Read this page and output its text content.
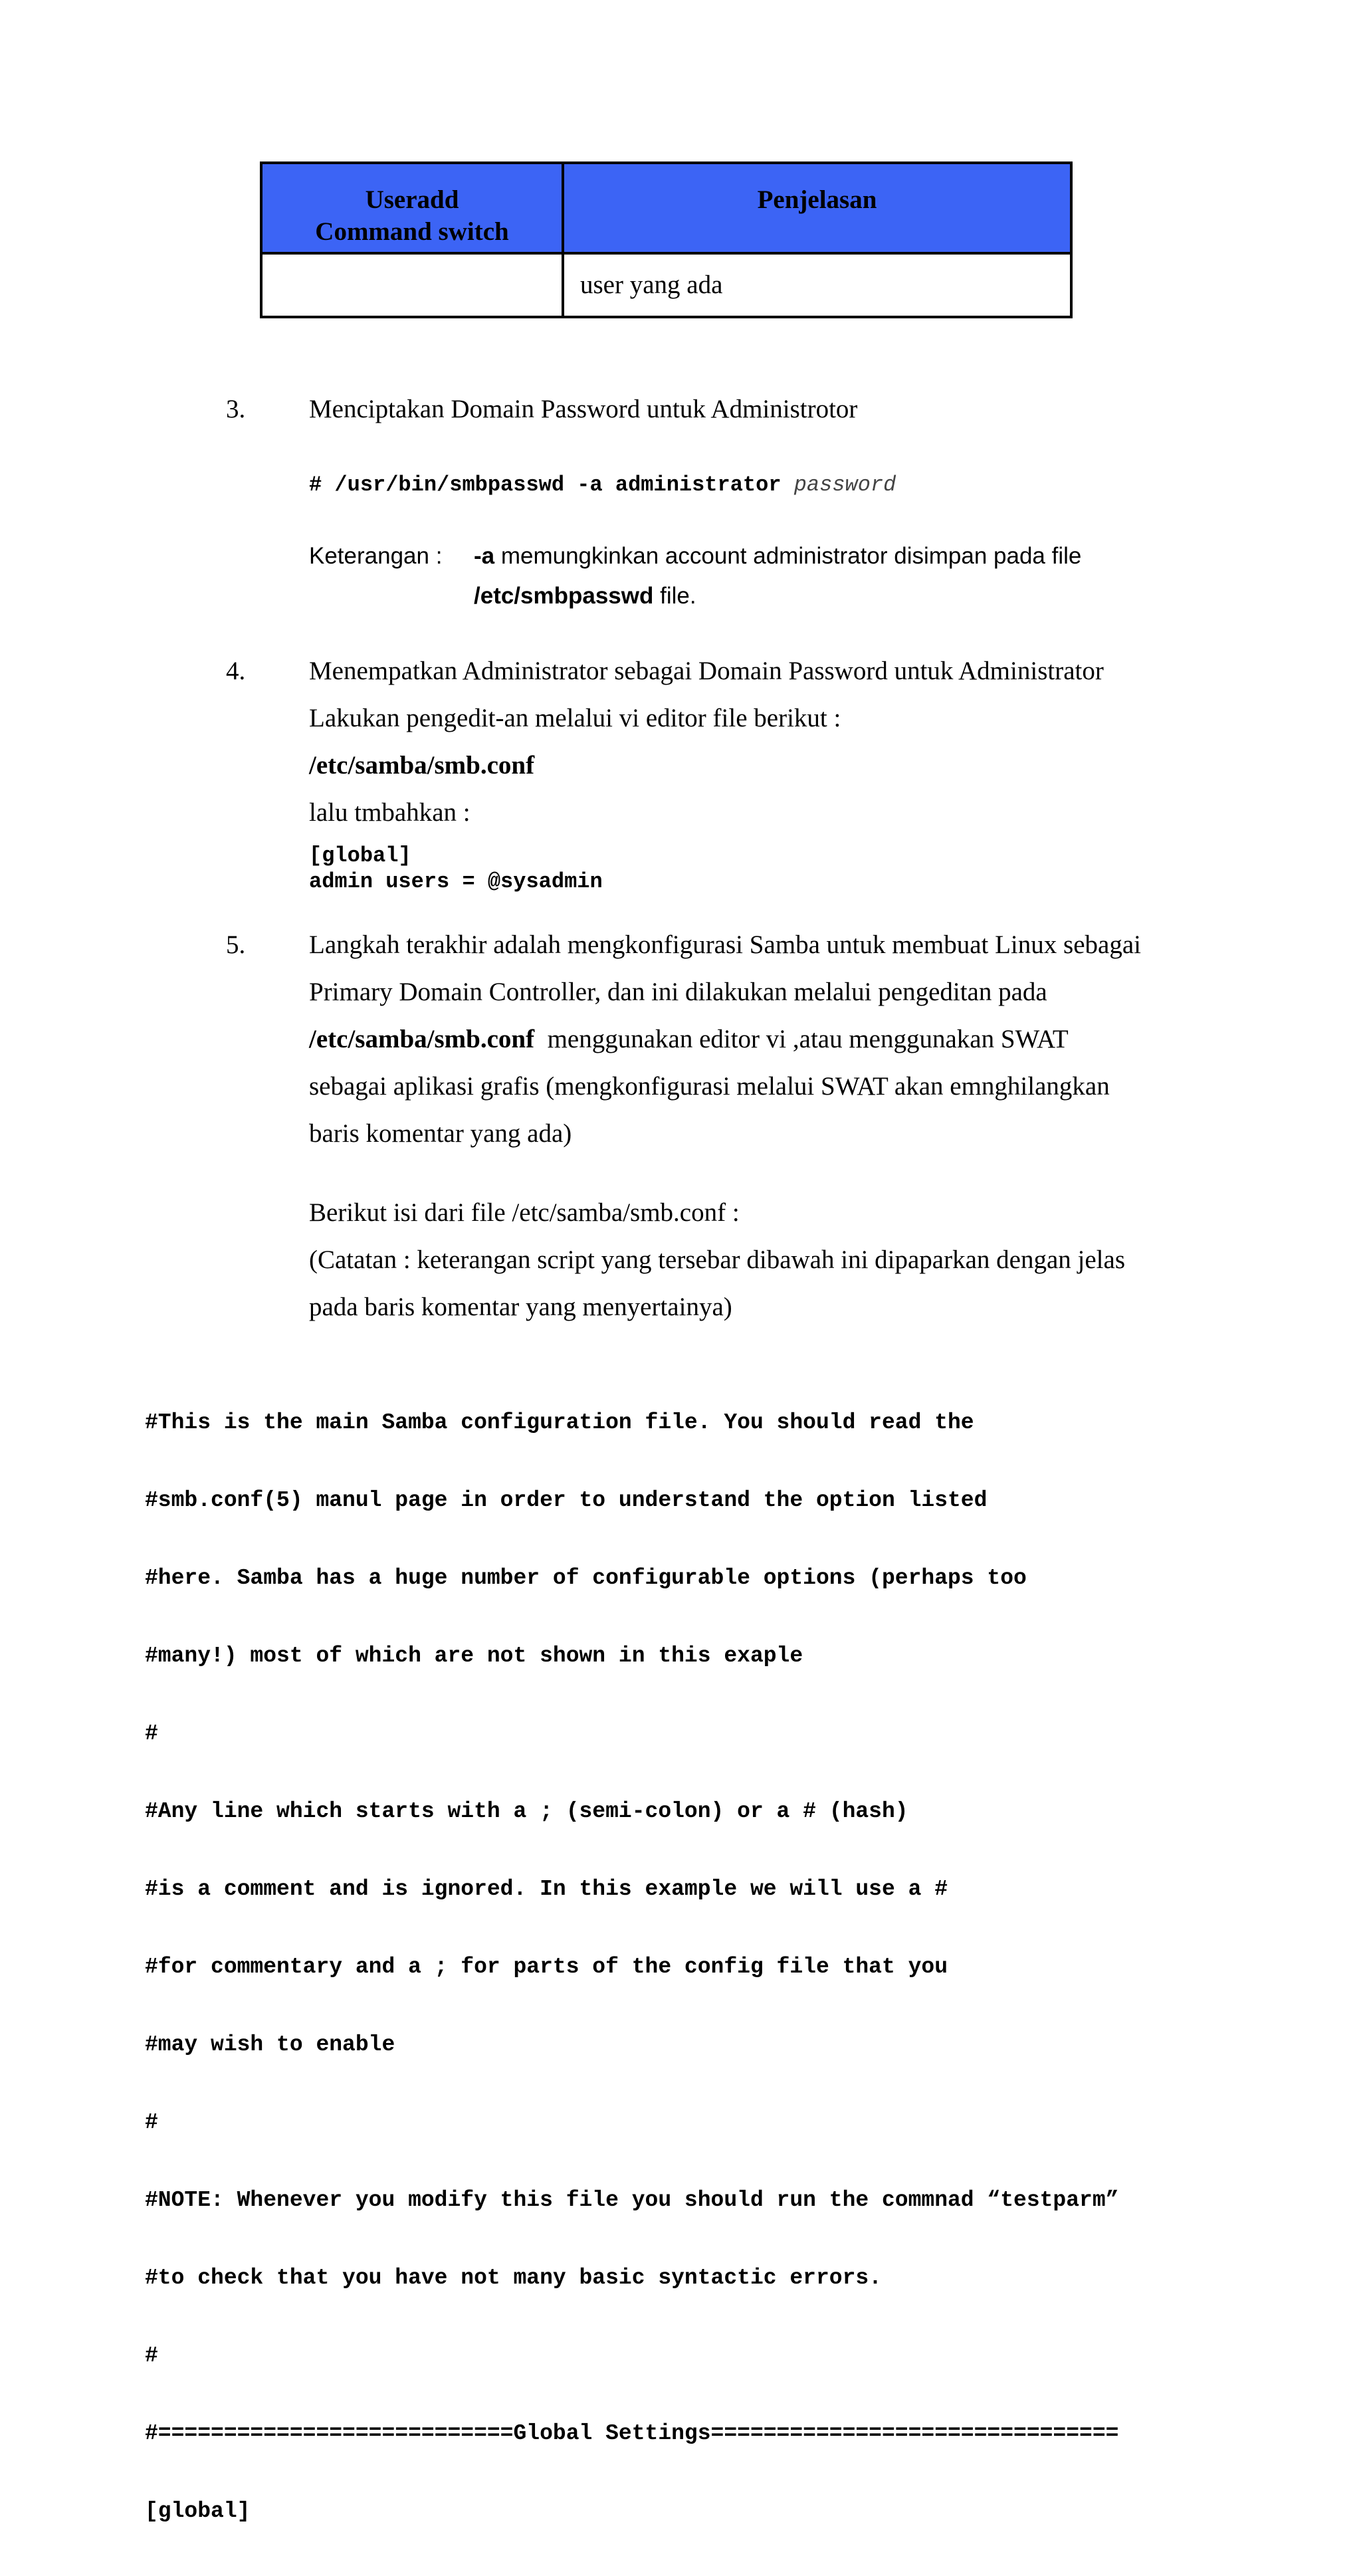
Useradd
Command switch	Penjelasan
	user yang ada
3. Menciptakan Domain Password untuk Administrotor
# /usr/bin/smbpasswd -a administrator password
Keterangan : -a memungkinkan account administrator disimpan pada file
/etc/smbpasswd file.
4. Menempatkan Administrator sebagai Domain Password untuk Administrator
Lakukan pengedit-an melalui vi editor file berikut :
/etc/samba/smb.conf
lalu tmbahkan :
[global]
admin users = @sysadmin
5. Langkah terakhir adalah mengkonfigurasi Samba untuk membuat Linux sebagai
Primary Domain Controller, dan ini dilakukan melalui pengeditan pada
/etc/samba/smb.conf  menggunakan editor vi ,atau menggunakan SWAT
sebagai aplikasi grafis (mengkonfigurasi melalui SWAT akan emnghilangkan
baris komentar yang ada)
Berikut isi dari file /etc/samba/smb.conf :
(Catatan : keterangan script yang tersebar dibawah ini dipaparkan dengan jelas
pada baris komentar yang menyertainya)

#This is the main Samba configuration file. You should read the

#smb.conf(5) manul page in order to understand the option listed

#here. Samba has a huge number of configurable options (perhaps too

#many!) most of which are not shown in this exaple

#

#Any line which starts with a ; (semi-colon) or a # (hash)

#is a comment and is ignored. In this example we will use a #

#for commentary and a ; for parts of the config file that you

#may wish to enable

#

#NOTE: Whenever you modify this file you should run the commnad “testparm”

#to check that you have not many basic syntactic errors.

#

#===========================Global Settings===============================

[global]
